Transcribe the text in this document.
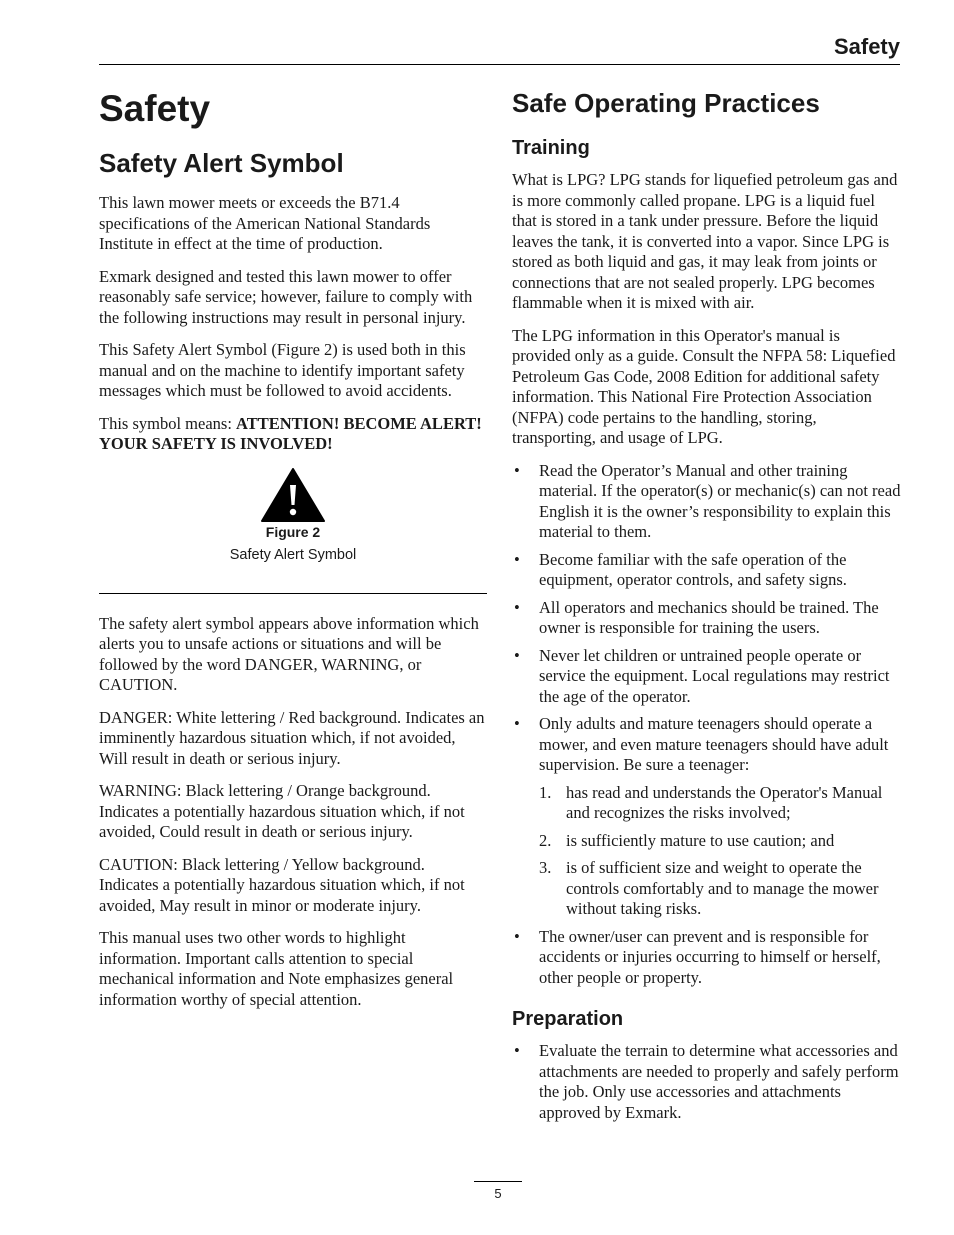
Safety
Safety
Safety Alert Symbol

This lawn mower meets or exceeds the B71.4 specifications of the American National Standards Institute in effect at the time of production.

Exmark designed and tested this lawn mower to offer reasonably safe service; however, failure to comply with the following instructions may result in personal injury.

This Safety Alert Symbol (Figure 2) is used both in this manual and on the machine to identify important safety messages which must be followed to avoid accidents.

This symbol means: ATTENTION! BECOME ALERT! YOUR SAFETY IS INVOLVED!

Figure 2
Safety Alert Symbol

The safety alert symbol appears above information which alerts you to unsafe actions or situations and will be followed by the word DANGER, WARNING, or CAUTION.

DANGER: White lettering / Red background. Indicates an imminently hazardous situation which, if not avoided, Will result in death or serious injury.

WARNING: Black lettering / Orange background. Indicates a potentially hazardous situation which, if not avoided, Could result in death or serious injury.

CAUTION: Black lettering / Yellow background. Indicates a potentially hazardous situation which, if not avoided, May result in minor or moderate injury.

This manual uses two other words to highlight information. Important calls attention to special mechanical information and Note emphasizes general information worthy of special attention.

Safe Operating Practices
Training

What is LPG? LPG stands for liquefied petroleum gas and is more commonly called propane. LPG is a liquid fuel that is stored in a tank under pressure. Before the liquid leaves the tank, it is converted into a vapor. Since LPG is stored as both liquid and gas, it may leak from joints or connections that are not sealed properly. LPG becomes flammable when it is mixed with air.

The LPG information in this Operator's manual is provided only as a guide. Consult the NFPA 58: Liquefied Petroleum Gas Code, 2008 Edition for additional safety information. This National Fire Protection Association (NFPA) code pertains to the handling, storing, transporting, and usage of LPG.

• Read the Operator’s Manual and other training material. If the operator(s) or mechanic(s) can not read English it is the owner’s responsibility to explain this material to them.
• Become familiar with the safe operation of the equipment, operator controls, and safety signs.
• All operators and mechanics should be trained. The owner is responsible for training the users.
• Never let children or untrained people operate or service the equipment. Local regulations may restrict the age of the operator.
• Only adults and mature teenagers should operate a mower, and even mature teenagers should have adult supervision. Be sure a teenager:
1. has read and understands the Operator's Manual and recognizes the risks involved;
2. is sufficiently mature to use caution; and
3. is of sufficient size and weight to operate the controls comfortably and to manage the mower without taking risks.
• The owner/user can prevent and is responsible for accidents or injuries occurring to himself or herself, other people or property.
Preparation
• Evaluate the terrain to determine what accessories and attachments are needed to properly and safely perform the job. Only use accessories and attachments approved by Exmark.
5
